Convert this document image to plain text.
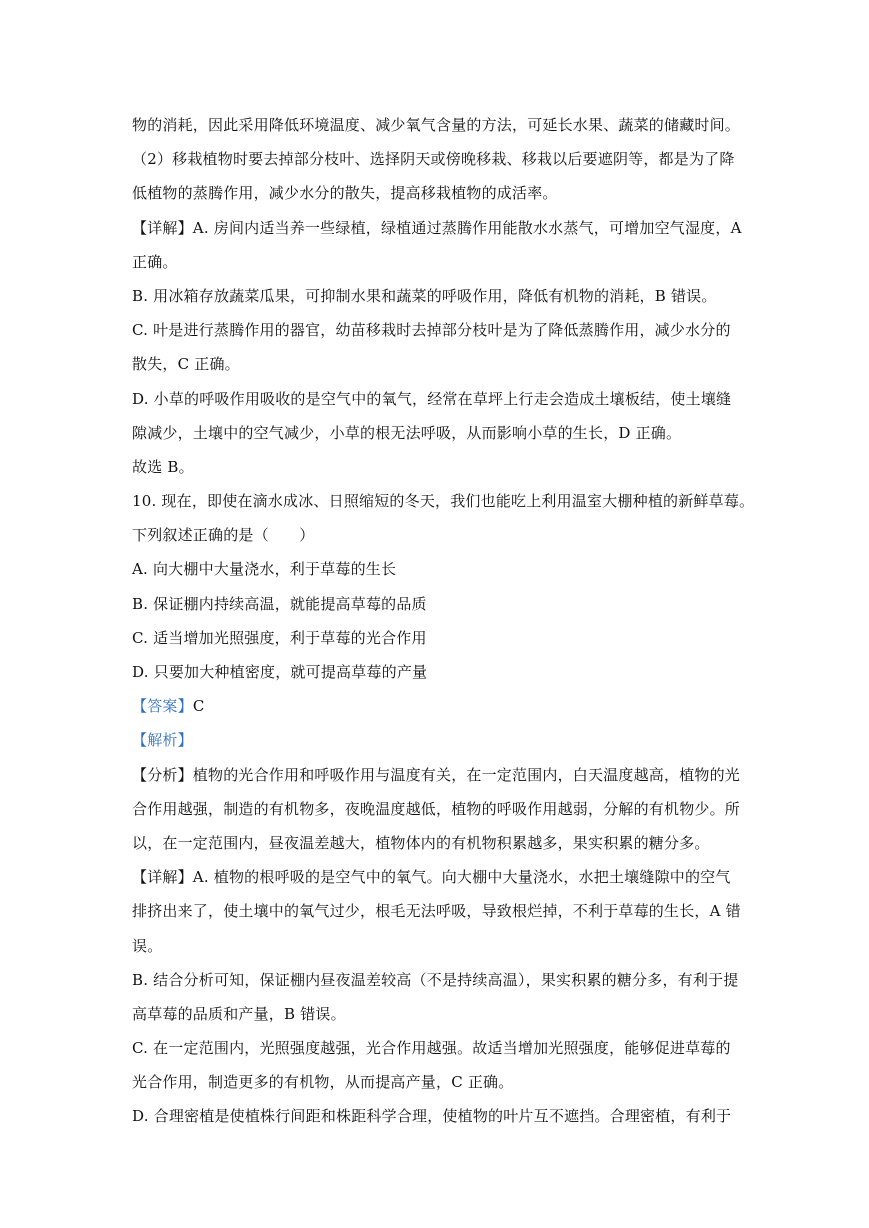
物的消耗，因此采用降低环境温度、减少氧气含量的方法，可延长水果、蔬菜的储藏时间。
（2）移栽植物时要去掉部分枝叶、选择阴天或傍晚移栽、移栽以后要遮阴等，都是为了降
低植物的蒸腾作用，减少水分的散失，提高移栽植物的成活率。
【详解】A. 房间内适当养一些绿植，绿植通过蒸腾作用能散水水蒸气，可增加空气湿度，A
正确。
B. 用冰箱存放蔬菜瓜果，可抑制水果和蔬菜的呼吸作用，降低有机物的消耗，B 错误。
C. 叶是进行蒸腾作用的器官，幼苗移栽时去掉部分枝叶是为了降低蒸腾作用，减少水分的
散失，C 正确。
D. 小草的呼吸作用吸收的是空气中的氧气，经常在草坪上行走会造成土壤板结，使土壤缝
隙减少，土壤中的空气减少，小草的根无法呼吸，从而影响小草的生长，D 正确。
故选 B。
10. 现在，即使在滴水成冰、日照缩短的冬天，我们也能吃上利用温室大棚种植的新鲜草莓。
下列叙述正确的是（　　）
A. 向大棚中大量浇水，利于草莓的生长
B. 保证棚内持续高温，就能提高草莓的品质
C. 适当增加光照强度，利于草莓的光合作用
D. 只要加大种植密度，就可提高草莓的产量
【答案】C
【解析】
【分析】植物的光合作用和呼吸作用与温度有关，在一定范围内，白天温度越高，植物的光
合作用越强，制造的有机物多，夜晚温度越低，植物的呼吸作用越弱，分解的有机物少。所
以，在一定范围内，昼夜温差越大，植物体内的有机物积累越多，果实积累的糖分多。
【详解】A. 植物的根呼吸的是空气中的氧气。向大棚中大量浇水，水把土壤缝隙中的空气
排挤出来了，使土壤中的氧气过少，根毛无法呼吸，导致根烂掉，不利于草莓的生长，A 错
误。
B. 结合分析可知，保证棚内昼夜温差较高（不是持续高温），果实积累的糖分多，有利于提
高草莓的品质和产量，B 错误。
C. 在一定范围内，光照强度越强，光合作用越强。故适当增加光照强度，能够促进草莓的
光合作用，制造更多的有机物，从而提高产量，C 正确。
D. 合理密植是使植株行间距和株距科学合理，使植物的叶片互不遮挡。合理密植，有利于
